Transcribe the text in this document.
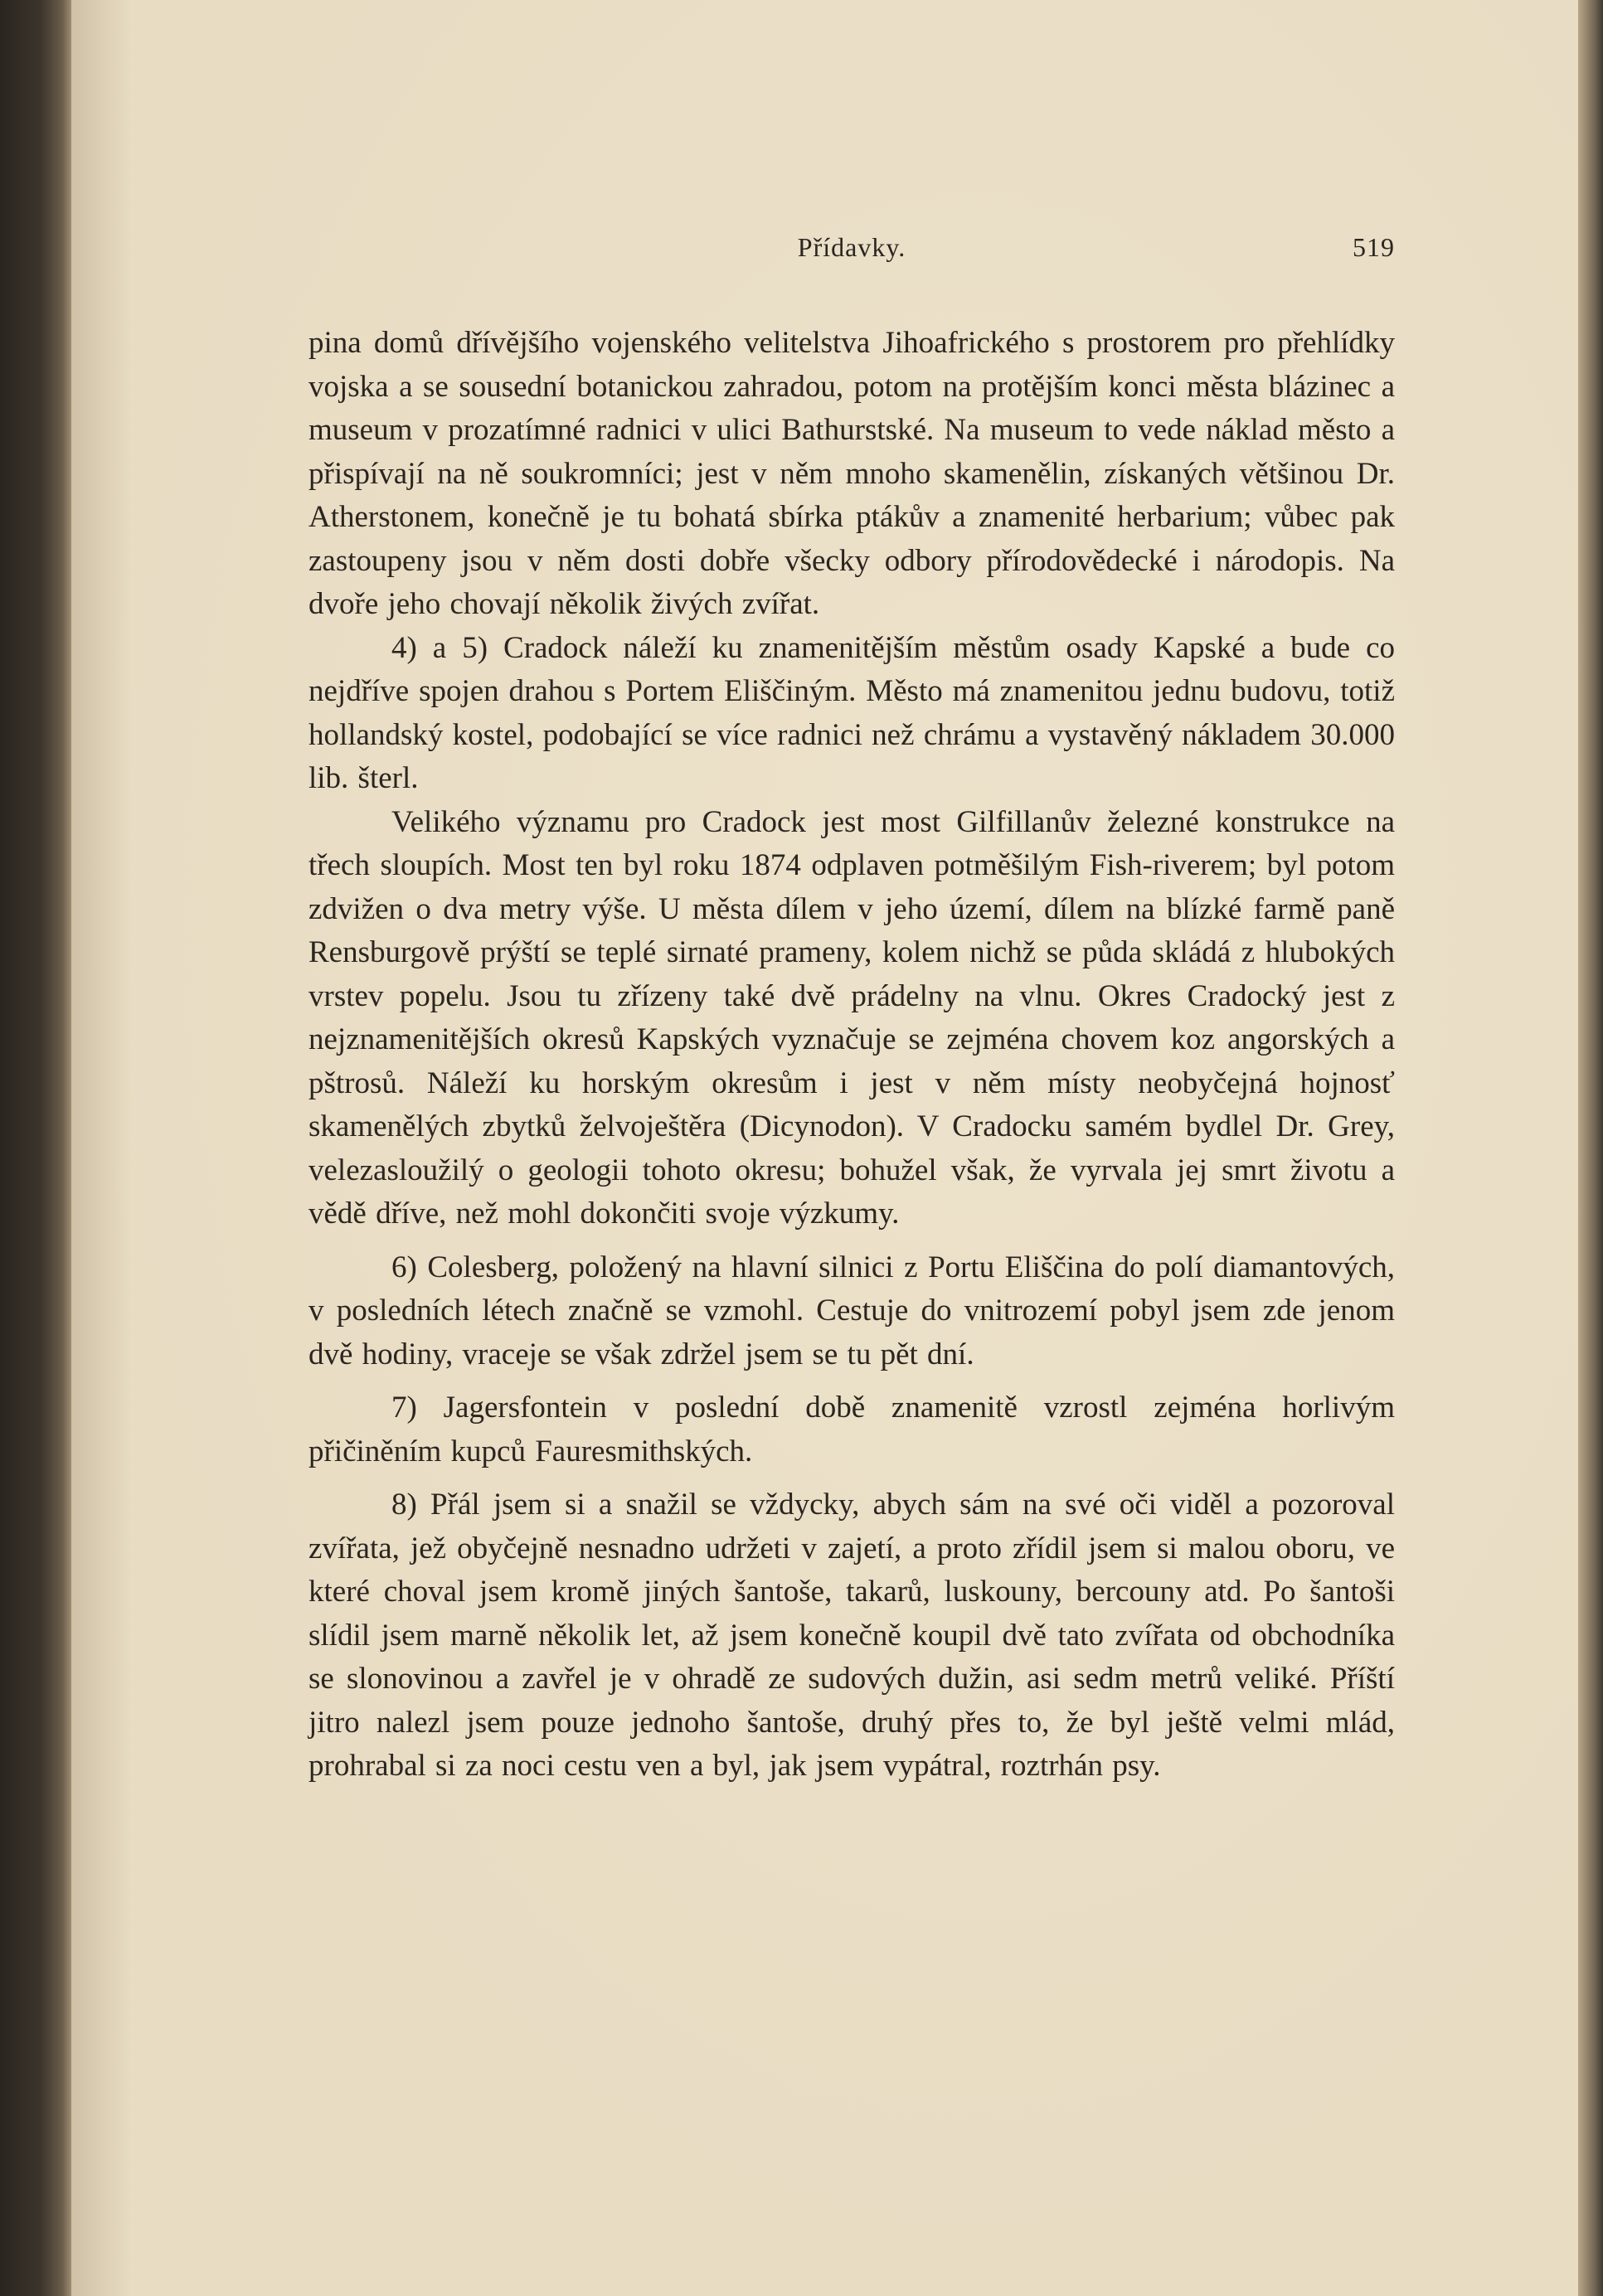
Přídavky.	519

pina domů dřívějšího vojenského velitelstva Jihoafrického s prostorem pro přehlídky vojska a se sousední botanickou zahradou, potom na protějším konci města blázinec a museum v prozatímné radnici v ulici Bathurstské. Na museum to vede náklad město a přispívají na ně soukromníci; jest v něm mnoho skamenělin, získaných většinou Dr. Atherstonem, konečně je tu bohatá sbírka ptákův a znamenité herbarium; vůbec pak zastoupeny jsou v něm dosti dobře všecky odbory přírodovědecké i národopis. Na dvoře jeho chovají několik živých zvířat.

4) a 5) Cradock náleží ku znamenitějším městům osady Kapské a bude co nejdříve spojen drahou s Portem Eliščiným. Město má znamenitou jednu budovu, totiž hollandský kostel, podobající se více radnici než chrámu a vystavěný nákladem 30.000 lib. šterl.

Velikého významu pro Cradock jest most Gilfillanův železné konstrukce na třech sloupích. Most ten byl roku 1874 odplaven potměšilým Fish-riverem; byl potom zdvižen o dva metry výše. U města dílem v jeho území, dílem na blízké farmě paně Rensburgově prýští se teplé sirnaté prameny, kolem nichž se půda skládá z hlubokých vrstev popelu. Jsou tu zřízeny také dvě prádelny na vlnu. Okres Cradocký jest z nejznamenitějších okresů Kapských vyznačuje se zejména chovem koz angorských a pštrosů. Náleží ku horským okresům i jest v něm místy neobyčejná hojnosť skamenělých zbytků želvoještěra (Dicynodon). V Cradocku samém bydlel Dr. Grey, velezasloužilý o geologii tohoto okresu; bohužel však, že vyrvala jej smrt životu a vědě dříve, než mohl dokončiti svoje výzkumy.

6) Colesberg, položený na hlavní silnici z Portu Eliščina do polí diamantových, v posledních létech značně se vzmohl. Cestuje do vnitrozemí pobyl jsem zde jenom dvě hodiny, vraceje se však zdržel jsem se tu pět dní.

7) Jagersfontein v poslední době znamenitě vzrostl zejména horlivým přičiněním kupců Fauresmithských.

8) Přál jsem si a snažil se vždycky, abych sám na své oči viděl a pozoroval zvířata, jež obyčejně nesnadno udržeti v zajetí, a proto zřídil jsem si malou oboru, ve které choval jsem kromě jiných šantoše, takarů, luskouny, bercouny atd. Po šantoši slídil jsem marně několik let, až jsem konečně koupil dvě tato zvířata od obchodníka se slonovinou a zavřel je v ohradě ze sudových dužin, asi sedm metrů veliké. Příští jitro nalezl jsem pouze jednoho šantoše, druhý přes to, že byl ještě velmi mlád, prohrabal si za noci cestu ven a byl, jak jsem vypátral, roztrhán psy.
